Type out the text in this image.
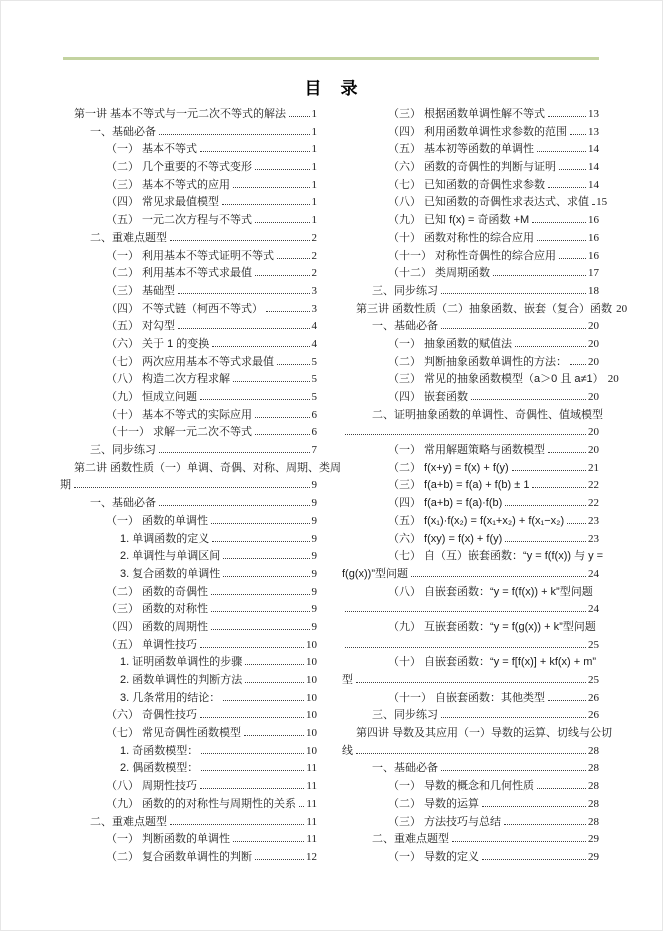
目　录
第一讲 基本不等式与一元二次不等式的解法 1
一、基础必备	1
（一） 基本不等式	1
（二） 几个重要的不等式变形	1
（三） 基本不等式的应用	1
（四） 常见求最值模型	1
（五） 一元二次方程与不等式	1
二、重难点题型	2
（一） 利用基本不等式证明不等式	2
（二） 利用基本不等式求最值	2
（三） 基础型	3
（四） 不等式链（柯西不等式）	3
（五） 对勾型	4
（六） 关于 1 的变换	4
（七） 两次应用基本不等式求最值	5
（八） 构造二次方程求解	5
（九） 恒成立问题	5
（十） 基本不等式的实际应用	6
（十一） 求解一元二次不等式	6
三、同步练习	7
第二讲 函数性质（一）单调、奇偶、对称、周期、类周
期	9
一、基础必备	9
（一） 函数的单调性	9
1. 单调函数的定义	9
2. 单调性与单调区间	9
3. 复合函数的单调性	9
（二） 函数的奇偶性	9
（三） 函数的对称性	9
（四） 函数的周期性	9
（五） 单调性技巧	10
1. 证明函数单调性的步骤	10
2. 函数单调性的判断方法	10
3. 几条常用的结论：	10
（六） 奇偶性技巧	10
（七） 常见奇偶性函数模型	10
1. 奇函数模型：	10
2. 偶函数模型：	11
（八） 周期性技巧	11
（九） 函数的的对称性与周期性的关系 11
二、重难点题型	11
（一） 判断函数的单调性	11
（二） 复合函数单调性的判断	12
（三） 根据函数单调性解不等式	13
（四） 利用函数单调性求参数的范围 13
（五） 基本初等函数的单调性	14
（六） 函数的奇偶性的判断与证明	14
（七） 已知函数的奇偶性求参数	14
（八） 已知函数的奇偶性求表达式、求值 15
（九） 已知 f(x) = 奇函数 +M	16
（十） 函数对称性的综合应用	16
（十一） 对称性奇偶性的综合应用	16
（十二） 类周期函数	17
三、同步练习	18
第三讲 函数性质（二）抽象函数、嵌套（复合）函数 20
一、基础必备	20
（一） 抽象函数的赋值法	20
（二） 判断抽象函数单调性的方法： 20
（三） 常见的抽象函数模型（a＞0 且 a≠1） 20
（四） 嵌套函数	20
二、证明抽象函数的单调性、奇偶性、值域模型
20
（一） 常用解题策略与函数模型	20
（二） f(x+y) = f(x) + f(y)	21
（三） f(a+b) = f(a) + f(b) ± 1	22
（四） f(a+b) = f(a)·f(b)	22
（五） f(x₁)·f(x₂) = f(x₁+x₂) + f(x₁−x₂) 23
（六） f(xy) = f(x) + f(y)	23
（七） 自（互）嵌套函数：“y = f(f(x)) 与 y =
f(g(x))”型问题	24
（八） 自嵌套函数：“y = f(f(x)) + k”型问题
24
（九） 互嵌套函数：“y = f(g(x)) + k”型问题
25
（十） 自嵌套函数：“y = f[f(x)] + kf(x) + m”
型	25
（十一） 自嵌套函数：其他类型	26
三、同步练习	26
第四讲 导数及其应用（一）导数的运算、切线与公切
线	28
一、基础必备	28
（一） 导数的概念和几何性质	28
（二） 导数的运算	28
（三） 方法技巧与总结	28
二、重难点题型	29
（一） 导数的定义	29
